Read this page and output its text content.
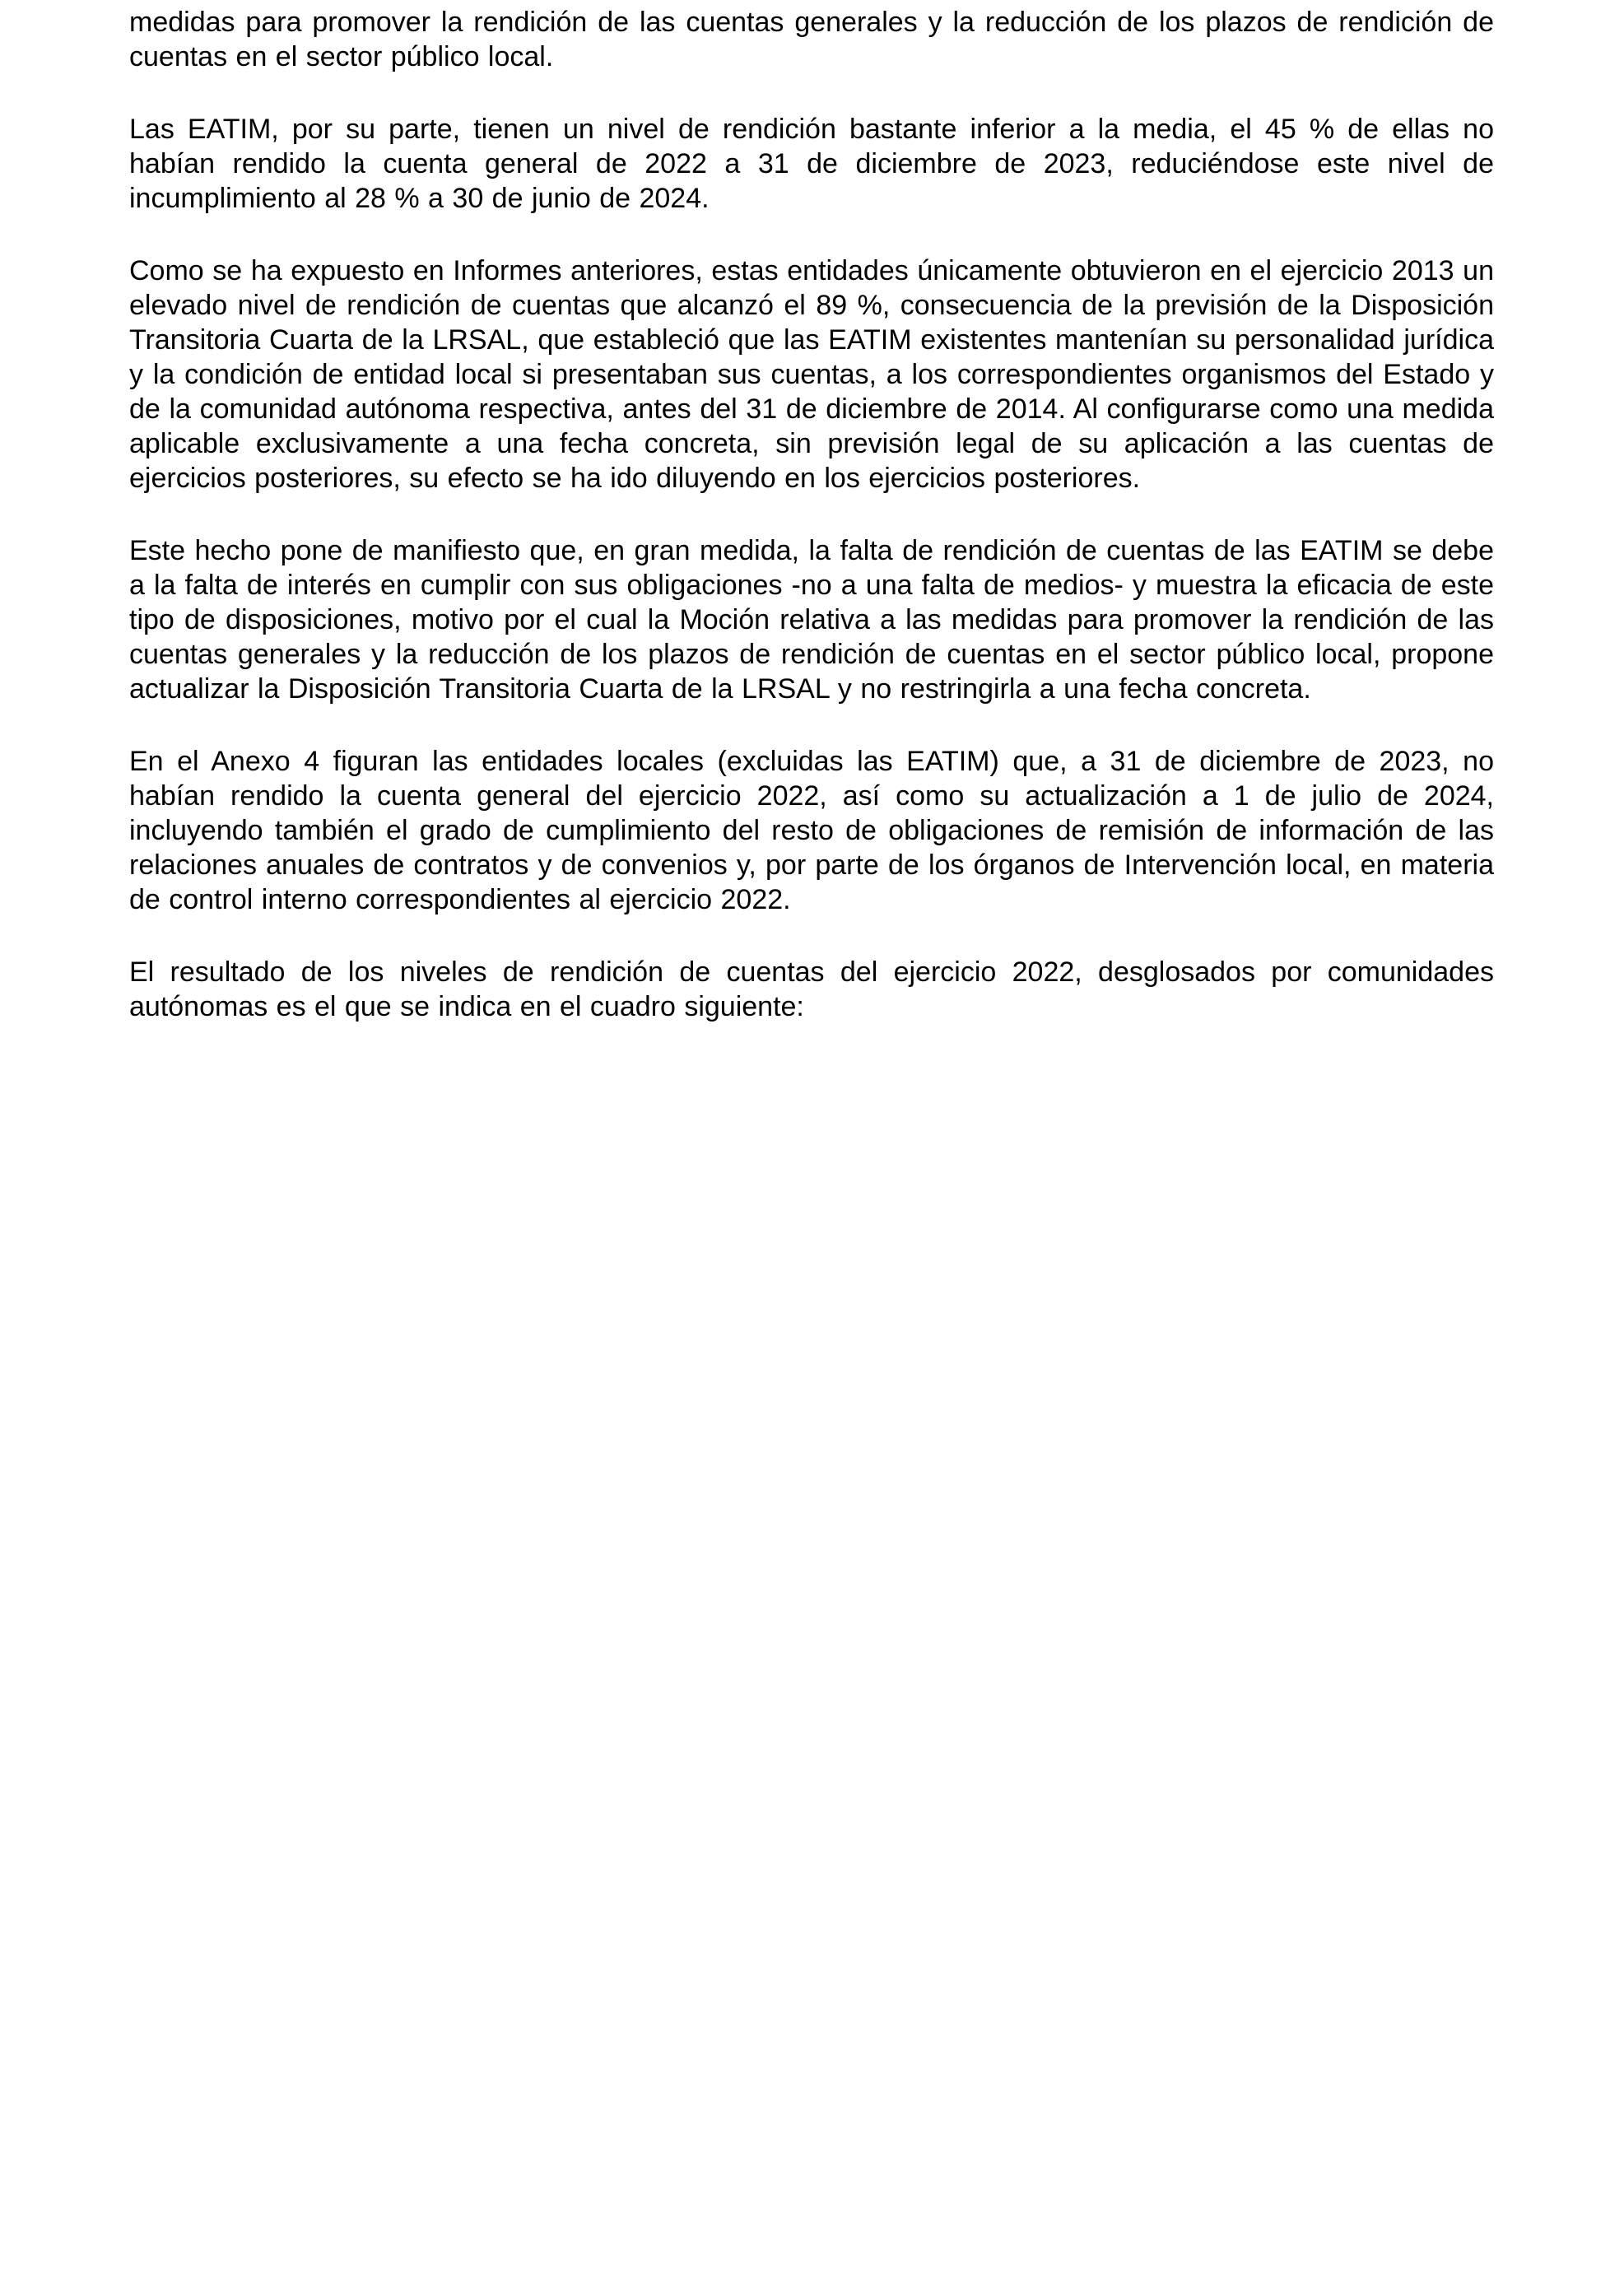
medidas para promover la rendición de las cuentas generales y la reducción de los plazos de rendición de cuentas en el sector público local.

Las EATIM, por su parte, tienen un nivel de rendición bastante inferior a la media, el 45 % de ellas no habían rendido la cuenta general de 2022 a 31 de diciembre de 2023, reduciéndose este nivel de incumplimiento al 28 % a 30 de junio de 2024.

Como se ha expuesto en Informes anteriores, estas entidades únicamente obtuvieron en el ejercicio 2013 un elevado nivel de rendición de cuentas que alcanzó el 89 %, consecuencia de la previsión de la Disposición Transitoria Cuarta de la LRSAL, que estableció que las EATIM existentes mantenían su personalidad jurídica y la condición de entidad local si presentaban sus cuentas, a los correspondientes organismos del Estado y de la comunidad autónoma respectiva, antes del 31 de diciembre de 2014. Al configurarse como una medida aplicable exclusivamente a una fecha concreta, sin previsión legal de su aplicación a las cuentas de ejercicios posteriores, su efecto se ha ido diluyendo en los ejercicios posteriores.

Este hecho pone de manifiesto que, en gran medida, la falta de rendición de cuentas de las EATIM se debe a la falta de interés en cumplir con sus obligaciones -no a una falta de medios- y muestra la eficacia de este tipo de disposiciones, motivo por el cual la Moción relativa a las medidas para promover la rendición de las cuentas generales y la reducción de los plazos de rendición de cuentas en el sector público local, propone actualizar la Disposición Transitoria Cuarta de la LRSAL y no restringirla a una fecha concreta.

En el Anexo 4 figuran las entidades locales (excluidas las EATIM) que, a 31 de diciembre de 2023, no habían rendido la cuenta general del ejercicio 2022, así como su actualización a 1 de julio de 2024, incluyendo también el grado de cumplimiento del resto de obligaciones de remisión de información de las relaciones anuales de contratos y de convenios y, por parte de los órganos de Intervención local, en materia de control interno correspondientes al ejercicio 2022.

El resultado de los niveles de rendición de cuentas del ejercicio 2022, desglosados por comunidades autónomas es el que se indica en el cuadro siguiente:
